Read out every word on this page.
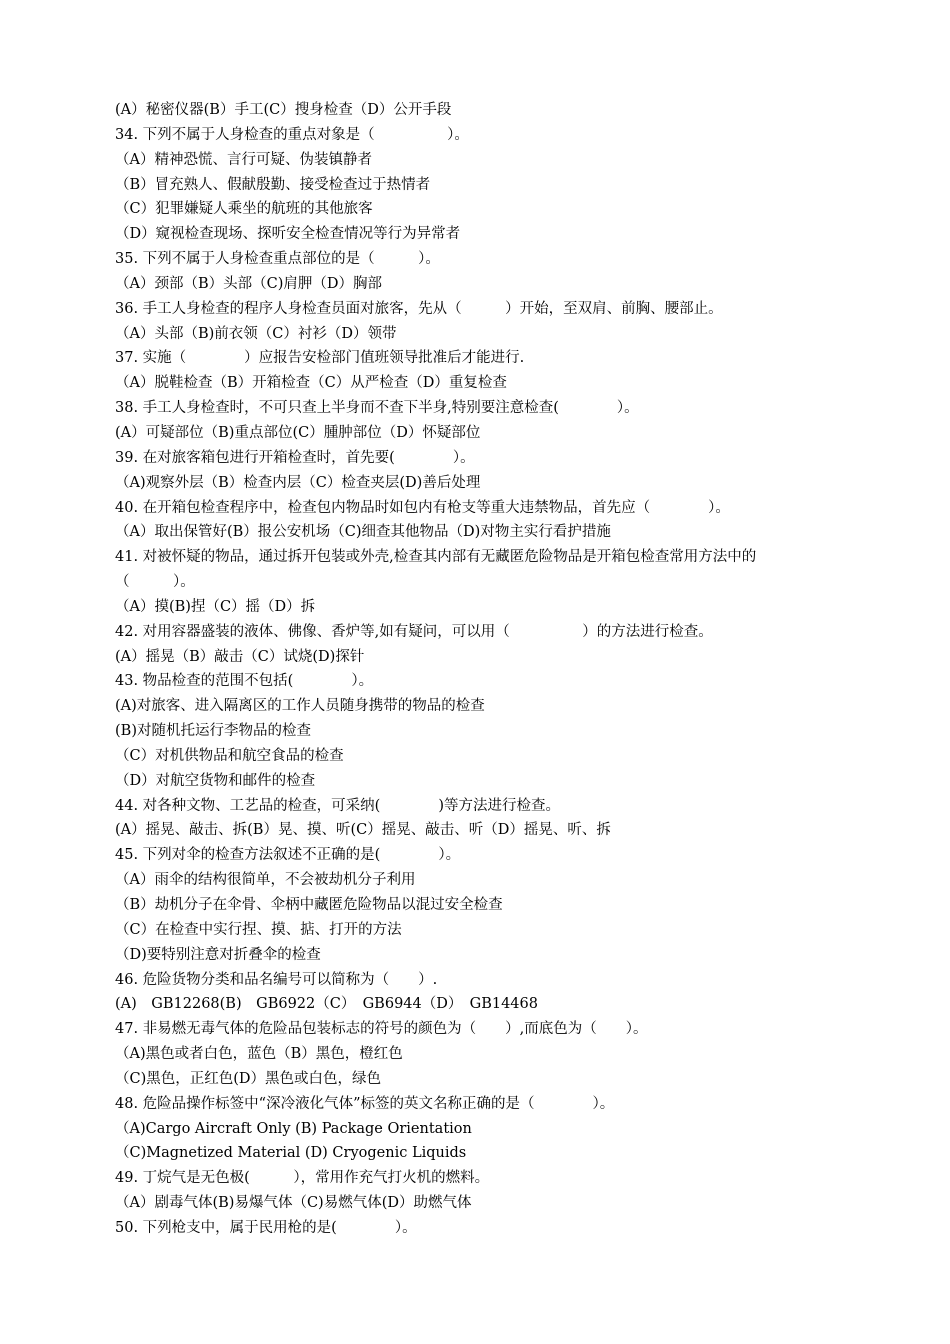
(A）秘密仪器(B）手工(C）搜身检查（D）公开手段
34. 下列不属于人身检查的重点对象是（　　　　　）。
（A）精神恐慌、言行可疑、伪装镇静者
（B）冒充熟人、假献殷勤、接受检查过于热情者
（C）犯罪嫌疑人乘坐的航班的其他旅客
（D）窥视检查现场、探听安全检查情况等行为异常者
35. 下列不属于人身检查重点部位的是（　　　）。
（A）颈部（B）头部（C)肩胛（D）胸部
36. 手工人身检查的程序人身检查员面对旅客，先从（　　　）开始，至双肩、前胸、腰部止。
（A）头部（B)前衣领（C）衬衫（D）领带
37. 实施（　　　　）应报告安检部门值班领导批准后才能进行.
（A）脱鞋检查（B）开箱检查（C）从严检查（D）重复检查
38. 手工人身检查时，不可只查上半身而不查下半身,特别要注意检查(　　　　）。
(A）可疑部位（B)重点部位(C）腫肿部位（D）怀疑部位
39. 在对旅客箱包进行开箱检查时，首先要(　　　　）。
（A)观察外层（B）检查内层（C）检查夹层(D)善后处理
40. 在开箱包检查程序中，检查包内物品时如包内有枪支等重大违禁物品，首先应（　　　　）。
（A）取出保管好(B）报公安机场（C)细查其他物品（D)对物主实行看护措施
41. 对被怀疑的物品，通过拆开包装或外壳,检查其内部有无藏匿危险物品是开箱包检查常用方法中的（　　　）。
（A）摸(B)捏（C）摇（D）拆
42. 对用容器盛装的液体、佛像、香炉等,如有疑问，可以用（　　　　　）的方法进行检查。
(A）摇晃（B）敲击（C）试烧(D)探针
43. 物品检查的范围不包括(　　　　）。
(A)对旅客、进入隔离区的工作人员随身携带的物品的检查
(B)对随机托运行李物品的检查
（C）对机供物品和航空食品的检查
（D）对航空货物和邮件的检查
44. 对各种文物、工艺品的检查，可采纳(　　　　)等方法进行检查。
(A）摇晃、敲击、拆(B）晃、摸、听(C）摇晃、敲击、听（D）摇晃、听、拆
45. 下列对伞的检查方法叙述不正确的是(　　　　）。
（A）雨伞的结构很简单，不会被劫机分子利用
（B）劫机分子在伞骨、伞柄中藏匿危险物品以混过安全检查
（C）在检查中实行捏、摸、掂、打开的方法
（D)要特别注意对折叠伞的检查
46. 危险货物分类和品名编号可以简称为（　　）.
(A)　GB12268(B)　GB6922（C）　GB6944（D）　GB14468
47. 非易燃无毒气体的危险品包装标志的符号的颜色为（　　）,而底色为（　　）。
（A)黑色或者白色，蓝色（B）黑色，橙红色
（C)黑色，正红色(D）黑色或白色，绿色
48. 危险品操作标签中“深冷液化气体”标签的英文名称正确的是（　　　　）。
（A)Cargo Aircraft Only (B) Package Orientation
（C)Magnetized Material (D) Cryogenic Liquids
49. 丁烷气是无色极(　　　），常用作充气打火机的燃料。
（A）剧毒气体(B)易爆气体（C)易燃气体(D）助燃气体
50. 下列枪支中，属于民用枪的是(　　　　）。
